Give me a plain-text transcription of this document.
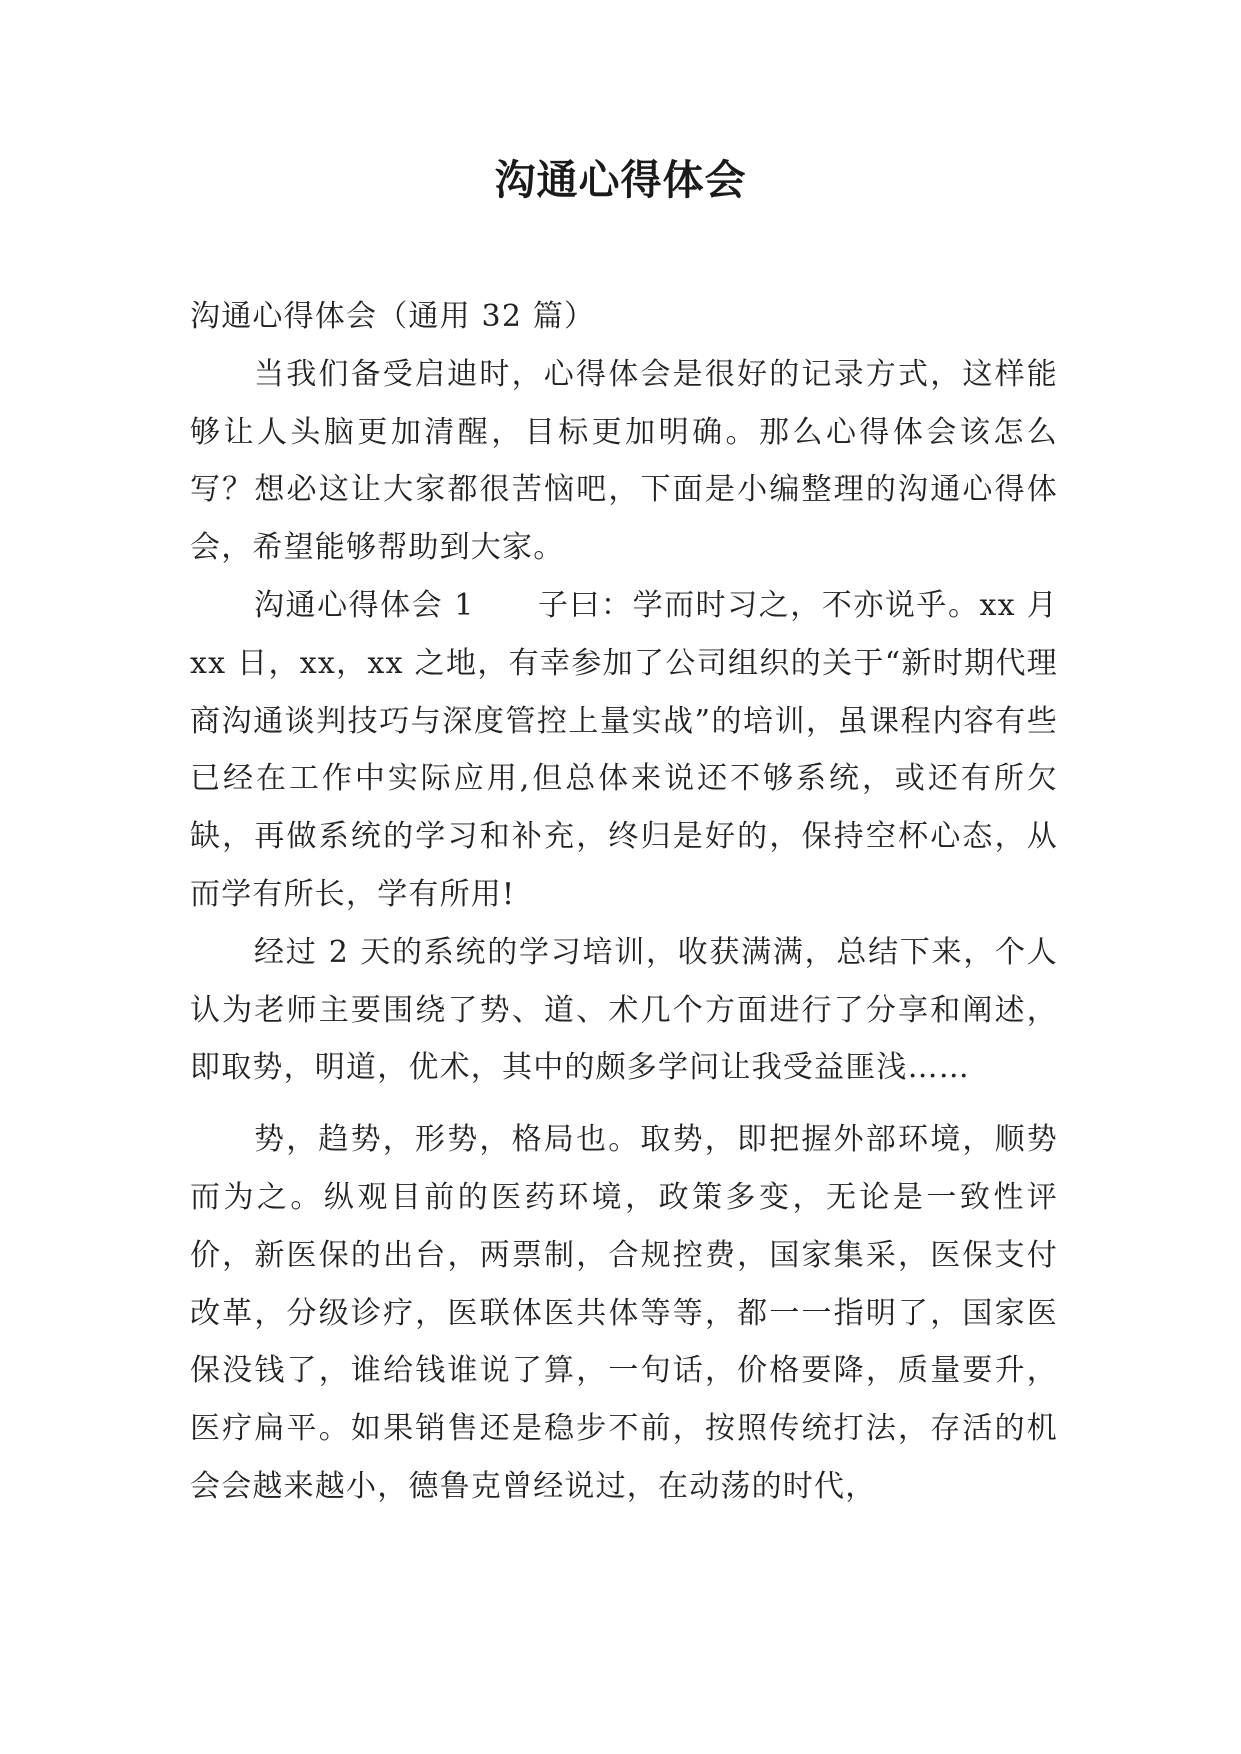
沟通心得体会

沟通心得体会（通用 32 篇）

当我们备受启迪时，心得体会是很好的记录方式，这样能够让人头脑更加清醒，目标更加明确。那么心得体会该怎么写？想必这让大家都很苦恼吧，下面是小编整理的沟通心得体会，希望能够帮助到大家。

沟通心得体会 1　　子曰：学而时习之，不亦说乎。xx 月 xx 日，xx，xx 之地，有幸参加了公司组织的关于“新时期代理商沟通谈判技巧与深度管控上量实战”的培训，虽课程内容有些已经在工作中实际应用,但总体来说还不够系统，或还有所欠缺，再做系统的学习和补充，终归是好的，保持空杯心态，从而学有所长，学有所用!

经过 2 天的系统的学习培训，收获满满，总结下来，个人认为老师主要围绕了势、道、术几个方面进行了分享和阐述，即取势，明道，优术，其中的颇多学问让我受益匪浅……

势，趋势，形势，格局也。取势，即把握外部环境，顺势而为之。纵观目前的医药环境，政策多变，无论是一致性评价，新医保的出台，两票制，合规控费，国家集采，医保支付改革，分级诊疗，医联体医共体等等，都一一指明了，国家医保没钱了，谁给钱谁说了算，一句话，价格要降，质量要升，医疗扁平。如果销售还是稳步不前，按照传统打法，存活的机会会越来越小，德鲁克曾经说过，在动荡的时代，
